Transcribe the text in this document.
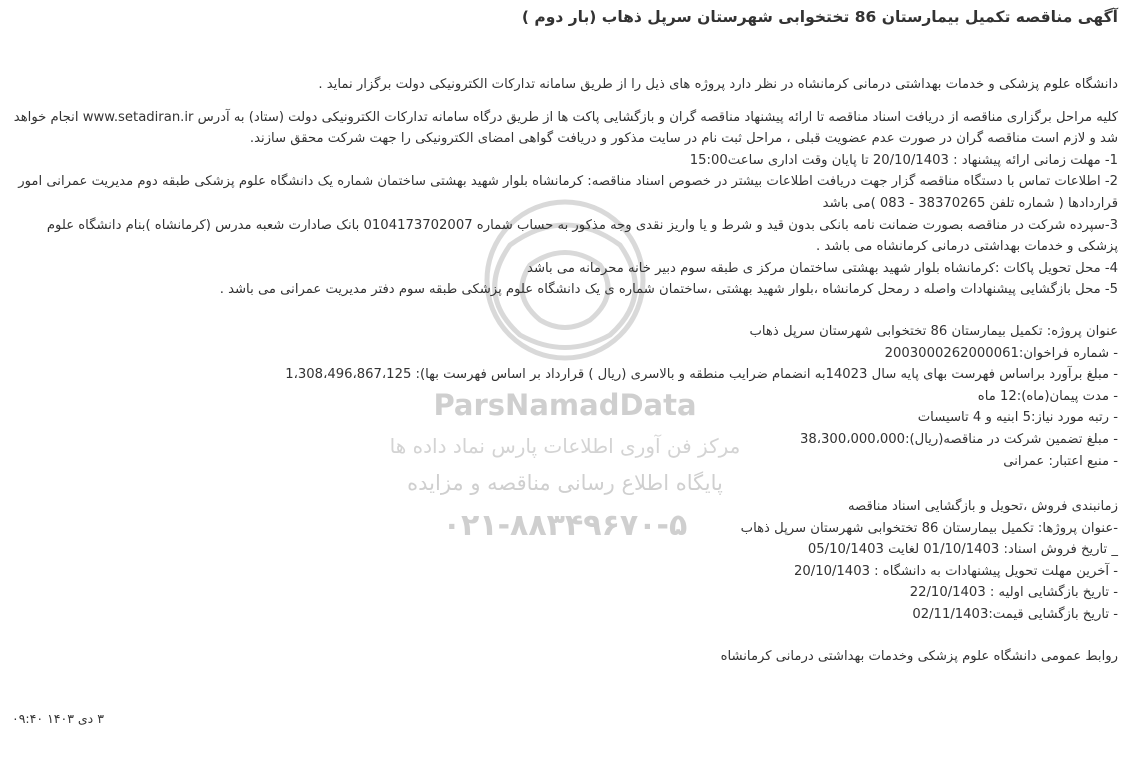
ParsNamadData
مرکز فن آوری اطلاعات پارس نماد داده ها
پایگاه اطلاع رسانی مناقصه و مزایده
۰۲۱-۸۸۳۴۹۶۷۰-۵
آگهی مناقصه تکمیل بیمارستان 86 تختخوابی شهرستان سرپل ذهاب (بار دوم )

دانشگاه علوم پزشکی و خدمات بهداشتی درمانی کرمانشاه در نظر دارد پروژه های ذیل را از طریق سامانه تدارکات الکترونیکی دولت برگزار نماید .

کلیه مراحل برگزاری مناقصه از دریافت اسناد مناقصه تا ارائه پیشنهاد مناقصه گران و بازگشایی پاکت ها از طریق درگاه سامانه تدارکات الکترونیکی دولت (ستاد) به آدرس www.setadiran.ir انجام خواهد شد و لازم است مناقصه گران در صورت عدم عضویت قبلی ، مراحل ثبت نام در سایت مذکور و دریافت گواهی امضای الکترونیکی را جهت شرکت محقق سازند.

1- مهلت زمانی ارائه پیشنهاد : 20/10/1403 تا پایان وقت اداری ساعت15:00

2- اطلاعات تماس با دستگاه مناقصه گزار جهت دریافت اطلاعات بیشتر در خصوص اسناد مناقصه: کرمانشاه بلوار شهید بهشتی ساختمان شماره یک دانشگاه علوم پزشکی طبقه دوم مدیریت عمرانی امور قراردادها ( شماره تلفن 38370265 - 083 )می باشد

3-سپرده شرکت در مناقصه بصورت ضمانت نامه بانکی بدون قید و شرط و یا واریز نقدی وجه مذکور به حساب شماره 0104173702007 بانک صادارت شعبه مدرس (کرمانشاه )بنام دانشگاه علوم پزشکی و خدمات بهداشتی درمانی کرمانشاه می باشد .

4- محل تحویل پاکات :کرمانشاه بلوار شهید بهشتی ساختمان مرکز ی طبقه سوم دبیر خانه محرمانه می باشد

5- محل بازگشایی پیشنهادات واصله د رمحل کرمانشاه ،بلوار شهید بهشتی ،ساختمان شماره ی یک دانشگاه علوم پزشکی طبقه سوم دفتر مدیریت عمرانی می باشد .

عنوان پروژه: تکمیل بیمارستان 86 تختخوابی شهرستان سرپل ذهاب

- شماره فراخوان:2003000262000061

- مبلغ برآورد براساس فهرست بهای پایه سال 14023به انضمام ضرایب منطقه و بالاسری (ریال ) قرارداد بر اساس فهرست بها): 1،308،496،867،125

- مدت پیمان(ماه):12 ماه

- رتبه مورد نیاز:5 ابنیه و 4 تاسیسات

- مبلغ تضمین شرکت در مناقصه(ریال):38،300،000،000

- منبع اعتبار: عمرانی

زمانبندی فروش ،تحویل و بازگشایی اسناد مناقصه

-عنوان پروژها: تکمیل بیمارستان 86 تختخوابی شهرستان سرپل ذهاب

_ تاریخ فروش اسناد: 01/10/1403 لغایت 05/10/1403

- آخرین مهلت تحویل پیشنهادات به دانشگاه : 20/10/1403

- تاریخ بازگشایی اولیه : 22/10/1403

- تاریخ بازگشایی قیمت:02/11/1403

روابط عمومی دانشگاه علوم پزشکی وخدمات بهداشتی درمانی کرمانشاه

۳ دی ۱۴۰۳ ۰۹:۴۰
